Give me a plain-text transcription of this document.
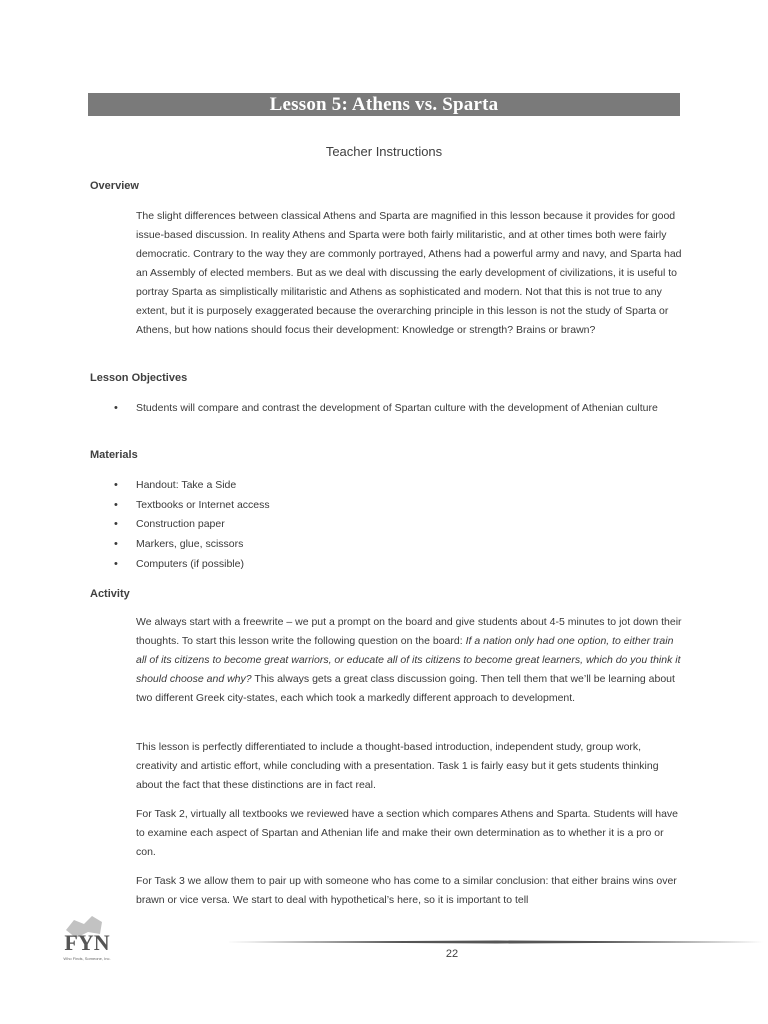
Lesson 5: Athens vs. Sparta
Teacher Instructions
Overview

The slight differences between classical Athens and Sparta are magnified in this lesson because it provides for good issue-based discussion. In reality Athens and Sparta were both fairly militaristic, and at other times both were fairly democratic. Contrary to the way they are commonly portrayed, Athens had a powerful army and navy, and Sparta had an Assembly of elected members. But as we deal with discussing the early development of civilizations, it is useful to portray Sparta as simplistically militaristic and Athens as sophisticated and modern. Not that this is not true to any extent, but it is purposely exaggerated because the overarching principle in this lesson is not the study of Sparta or Athens, but how nations should focus their development: Knowledge or strength? Brains or brawn?

Lesson Objectives
• Students will compare and contrast the development of Spartan culture with the development of Athenian culture
Materials
• Handout: Take a Side
• Textbooks or Internet access
• Construction paper
• Markers, glue, scissors
• Computers (if possible)
Activity

We always start with a freewrite – we put a prompt on the board and give students about 4-5 minutes to jot down their thoughts. To start this lesson write the following question on the board: If a nation only had one option, to either train all of its citizens to become great warriors, or educate all of its citizens to become great learners, which do you think it should choose and why? This always gets a great class discussion going. Then tell them that we’ll be learning about two different Greek city-states, each which took a markedly different approach to development.

This lesson is perfectly differentiated to include a thought-based introduction, independent study, group work, creativity and artistic effort, while concluding with a presentation. Task 1 is fairly easy but it gets students thinking about the fact that these distinctions are in fact real.

For Task 2, virtually all textbooks we reviewed have a section which compares Athens and Sparta. Students will have to examine each aspect of Spartan and Athenian life and make their own determination as to whether it is a pro or con.

For Task 3 we allow them to pair up with someone who has come to a similar conclusion: that either brains wins over brawn or vice versa. We start to deal with hypothetical’s here, so it is important to tell

FYN
Who Finds, Someone, Inc.	22
